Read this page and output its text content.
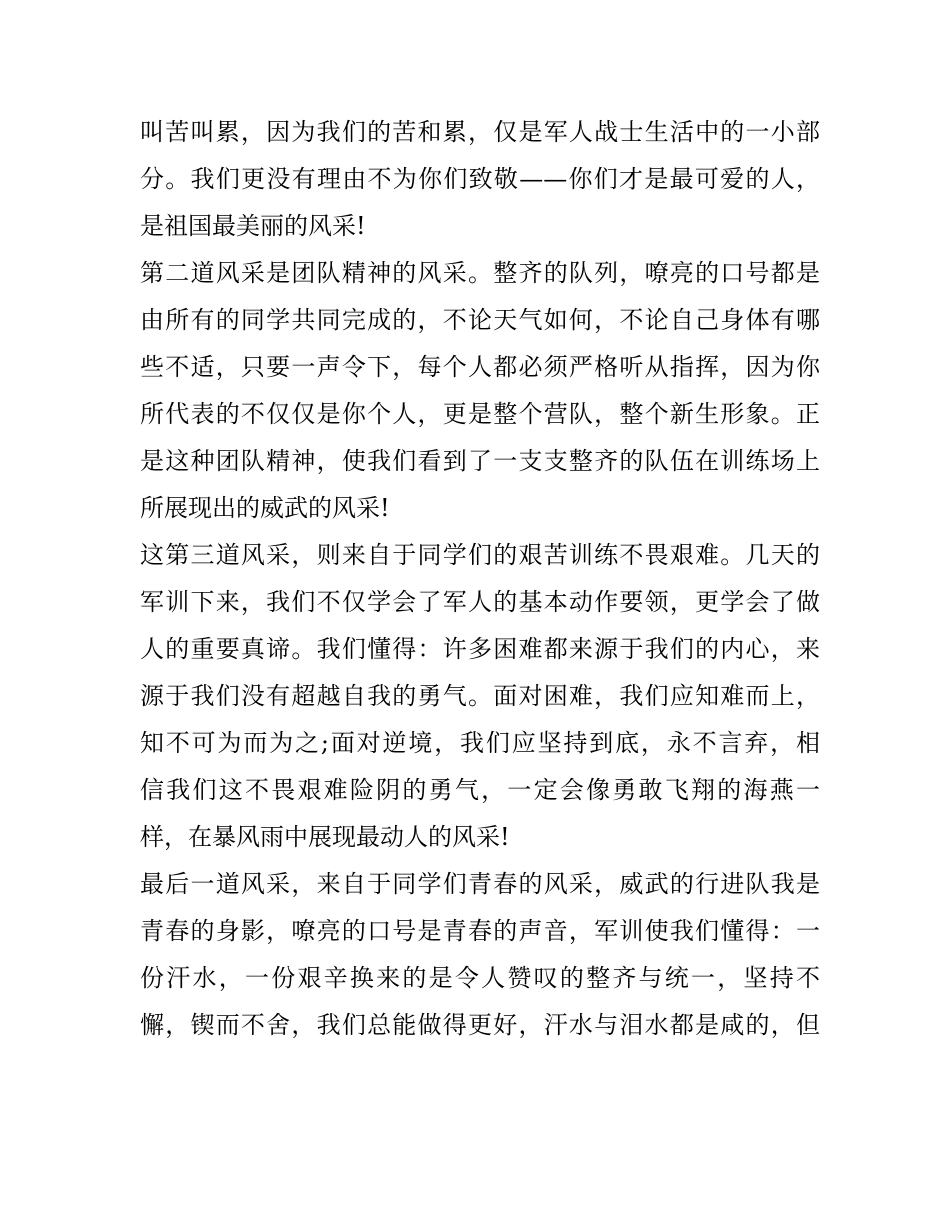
叫苦叫累，因为我们的苦和累，仅是军人战士生活中的一小部
分。我们更没有理由不为你们致敬——你们才是最可爱的人，
是祖国最美丽的风采!
第二道风采是团队精神的风采。整齐的队列，嘹亮的口号都是
由所有的同学共同完成的，不论天气如何，不论自己身体有哪
些不适，只要一声令下，每个人都必须严格听从指挥，因为你
所代表的不仅仅是你个人，更是整个营队，整个新生形象。正
是这种团队精神，使我们看到了一支支整齐的队伍在训练场上
所展现出的威武的风采!
这第三道风采，则来自于同学们的艰苦训练不畏艰难。几天的
军训下来，我们不仅学会了军人的基本动作要领，更学会了做
人的重要真谛。我们懂得：许多困难都来源于我们的内心，来
源于我们没有超越自我的勇气。面对困难，我们应知难而上，
知不可为而为之;面对逆境，我们应坚持到底，永不言弃，相
信我们这不畏艰难险阴的勇气，一定会像勇敢飞翔的海燕一
样，在暴风雨中展现最动人的风采!
最后一道风采，来自于同学们青春的风采，威武的行进队我是
青春的身影，嘹亮的口号是青春的声音，军训使我们懂得：一
份汗水，一份艰辛换来的是令人赞叹的整齐与统一，坚持不
懈，锲而不舍，我们总能做得更好，汗水与泪水都是咸的，但
